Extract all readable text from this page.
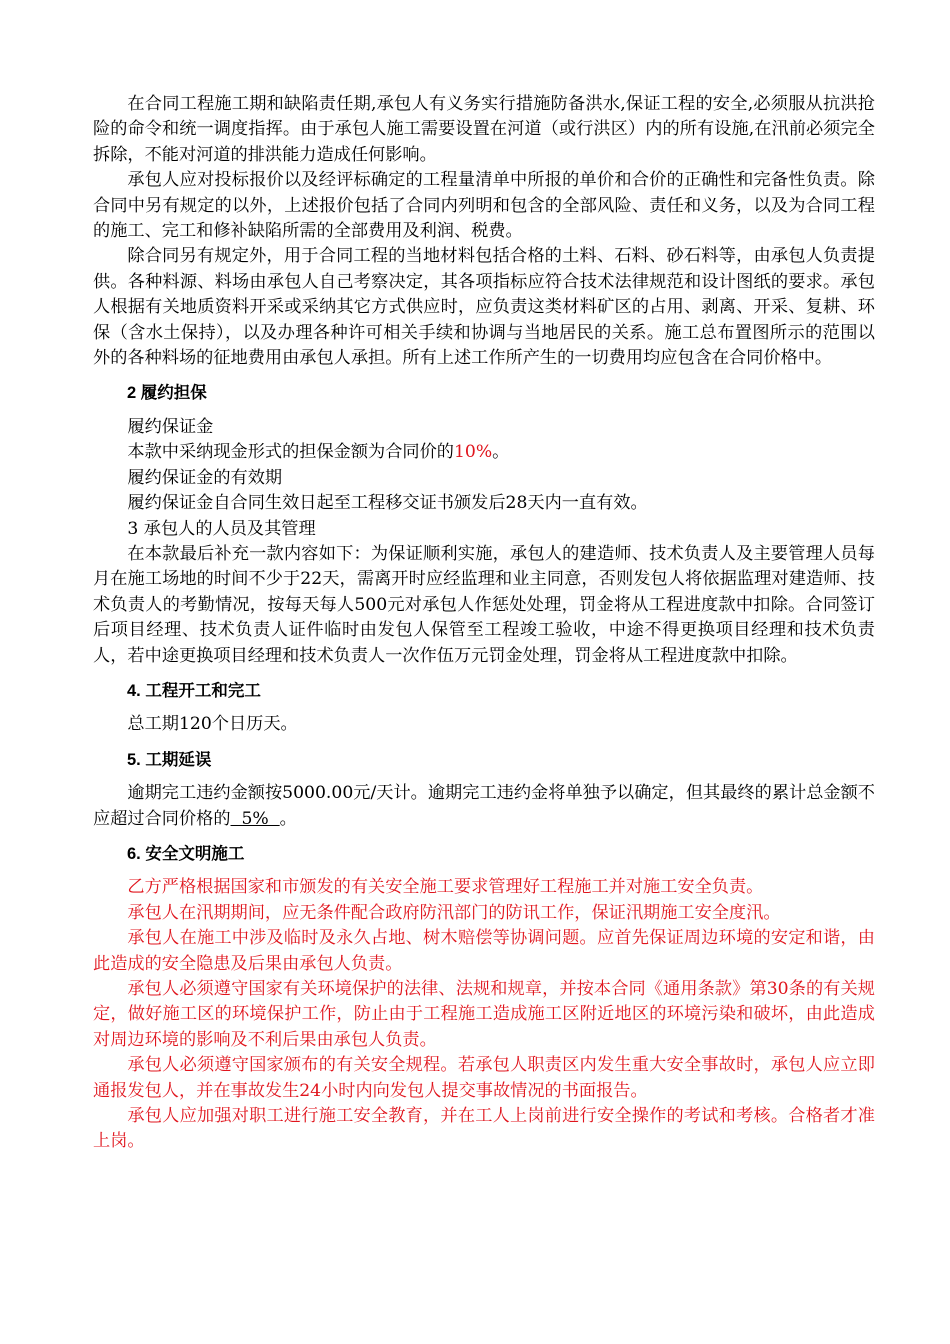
在合同工程施工期和缺陷责任期,承包人有义务实行措施防备洪水,保证工程的安全,必须服从抗洪抢险的命令和统一调度指挥。由于承包人施工需要设置在河道（或行洪区）内的所有设施,在汛前必须完全拆除，不能对河道的排洪能力造成任何影响。

承包人应对投标报价以及经评标确定的工程量清单中所报的单价和合价的正确性和完备性负责。除合同中另有规定的以外，上述报价包括了合同内列明和包含的全部风险、责任和义务，以及为合同工程的施工、完工和修补缺陷所需的全部费用及利润、税费。

除合同另有规定外，用于合同工程的当地材料包括合格的土料、石料、砂石料等，由承包人负责提供。各种料源、料场由承包人自己考察决定，其各项指标应符合技术法律规范和设计图纸的要求。承包人根据有关地质资料开采或采纳其它方式供应时，应负责这类材料矿区的占用、剥离、开采、复耕、环保（含水土保持），以及办理各种许可相关手续和协调与当地居民的关系。施工总布置图所示的范围以外的各种料场的征地费用由承包人承担。所有上述工作所产生的一切费用均应包含在合同价格中。

2 履约担保

履约保证金

本款中采纳现金形式的担保金额为合同价的10%。

履约保证金的有效期

履约保证金自合同生效日起至工程移交证书颁发后28天内一直有效。

3 承包人的人员及其管理

在本款最后补充一款内容如下：为保证顺利实施，承包人的建造师、技术负责人及主要管理人员每月在施工场地的时间不少于22天，需离开时应经监理和业主同意，否则发包人将依据监理对建造师、技术负责人的考勤情况，按每天每人500元对承包人作惩处处理，罚金将从工程进度款中扣除。合同签订后项目经理、技术负责人证件临时由发包人保管至工程竣工验收，中途不得更换项目经理和技术负责人，若中途更换项目经理和技术负责人一次作伍万元罚金处理，罚金将从工程进度款中扣除。

4. 工程开工和完工

总工期120个日历天。

5. 工期延误

逾期完工违约金额按5000.00元/天计。逾期完工违约金将单独予以确定，但其最终的累计总金额不应超过合同价格的  5%  。

6. 安全文明施工

乙方严格根据国家和市颁发的有关安全施工要求管理好工程施工并对施工安全负责。

承包人在汛期期间，应无条件配合政府防汛部门的防讯工作，保证汛期施工安全度汛。

承包人在施工中涉及临时及永久占地、树木赔偿等协调问题。应首先保证周边环境的安定和谐，由此造成的安全隐患及后果由承包人负责。

承包人必须遵守国家有关环境保护的法律、法规和规章，并按本合同《通用条款》第30条的有关规定，做好施工区的环境保护工作，防止由于工程施工造成施工区附近地区的环境污染和破坏，由此造成对周边环境的影响及不利后果由承包人负责。

承包人必须遵守国家颁布的有关安全规程。若承包人职责区内发生重大安全事故时，承包人应立即通报发包人，并在事故发生24小时内向发包人提交事故情况的书面报告。

承包人应加强对职工进行施工安全教育，并在工人上岗前进行安全操作的考试和考核。合格者才准上岗。
